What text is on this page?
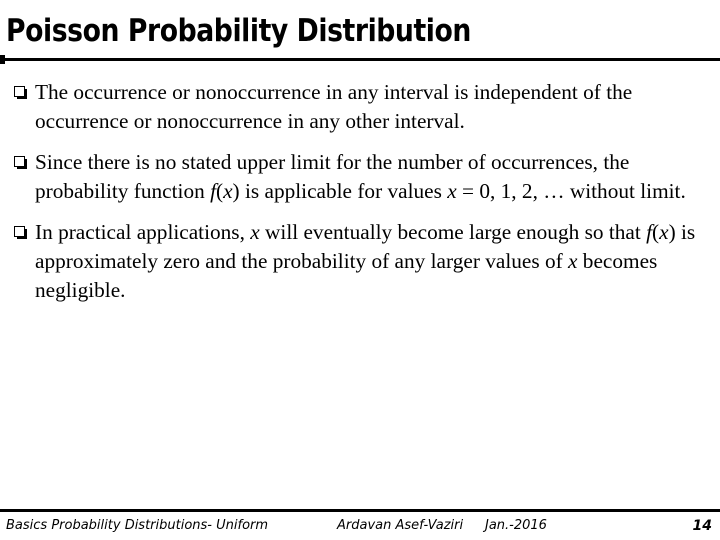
Poisson Probability Distribution
The occurrence or nonoccurrence in any interval is independent of the occurrence or nonoccurrence in any other interval.
Since there is no stated upper limit for the number of occurrences, the probability function f(x) is applicable for values x = 0, 1, 2, … without limit.
In practical applications, x will eventually become large enough so that f(x) is approximately zero and the probability of any larger values of x becomes negligible.
Basics Probability Distributions- Uniform	Ardavan Asef-Vaziri Jan.-2016	14
